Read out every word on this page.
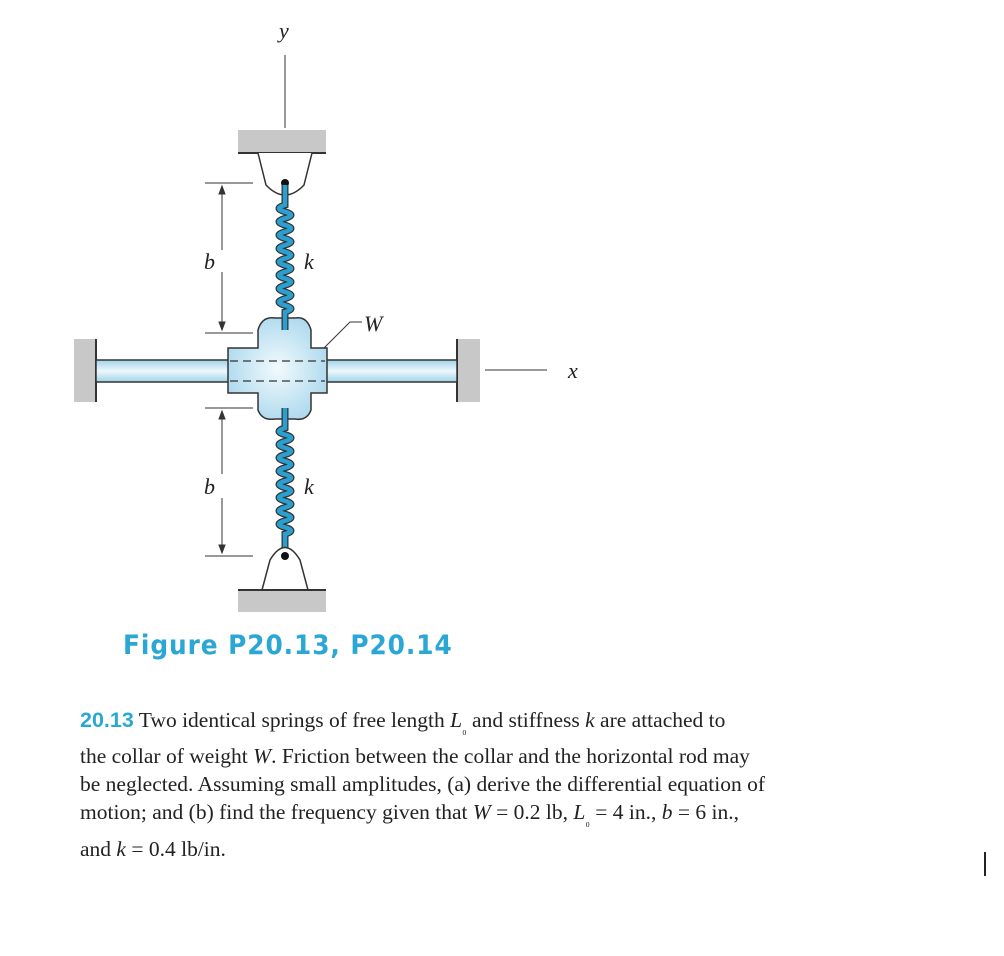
y
x
W
b
b
k
k
Figure P20.13, P20.14
20.13 Two identical springs of free length $L_{_0}$ and stiffness k are attached to
the collar of weight W. Friction between the collar and the horizontal rod may
be neglected. Assuming small amplitudes, (a) derive the differential equation of
motion; and (b) find the frequency given that W = 0.2 lb, $L_{_0} = 4$ in., b = 6 in.,
and k = 0.4 lb/in.
